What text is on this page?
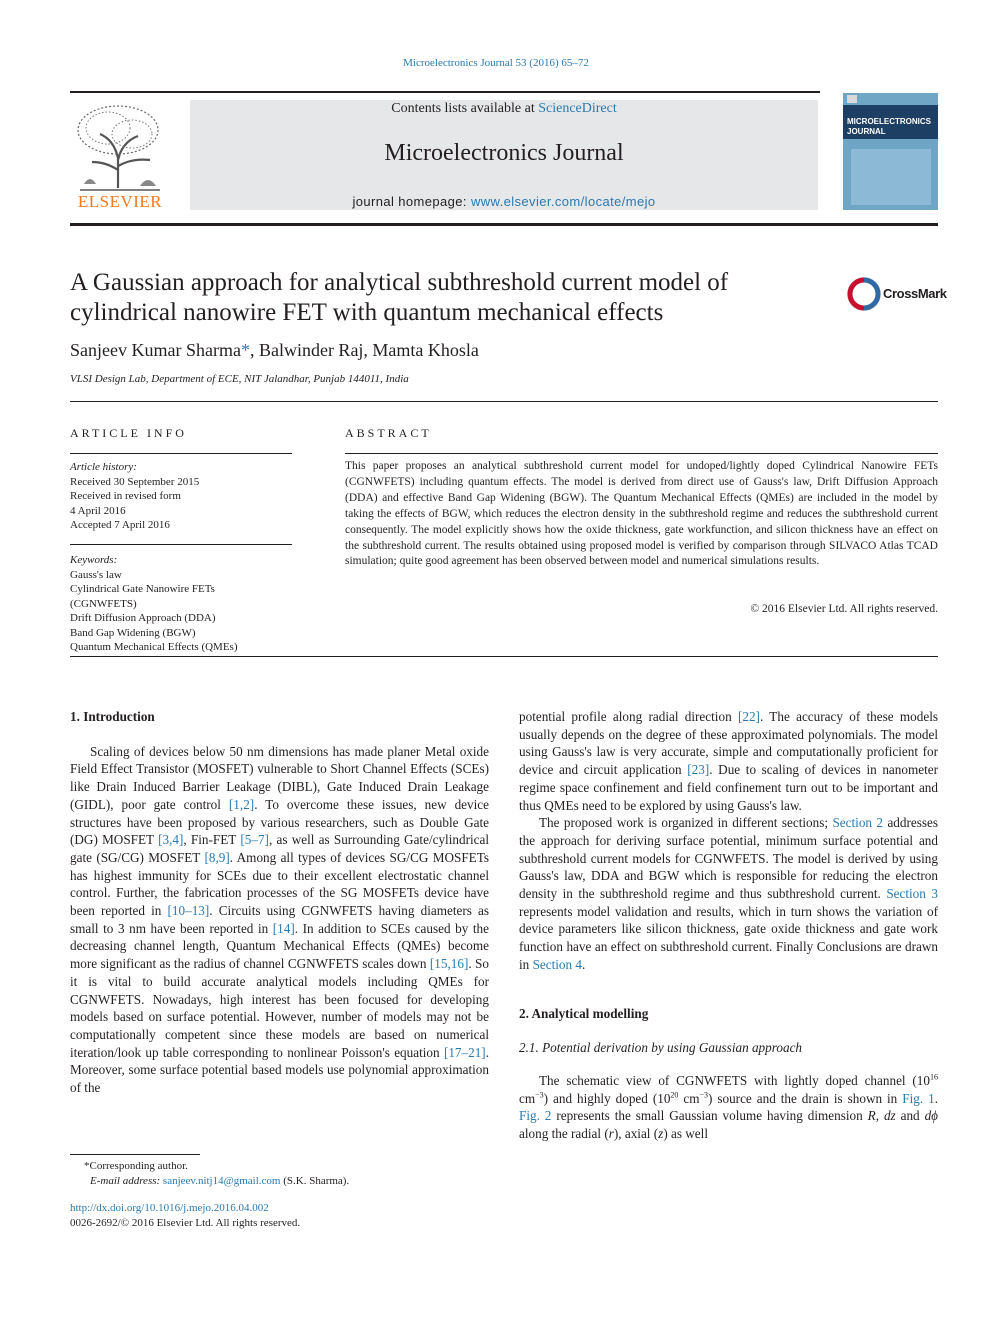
Microelectronics Journal 53 (2016) 65–72
ELSEVIER
Contents lists available at ScienceDirect
Microelectronics Journal
journal homepage: www.elsevier.com/locate/mejo
MICROELECTRONICS
JOURNAL
A Gaussian approach for analytical subthreshold current model of cylindrical nanowire FET with quantum mechanical effects
CrossMark
Sanjeev Kumar Sharma*, Balwinder Raj, Mamta Khosla
VLSI Design Lab, Department of ECE, NIT Jalandhar, Punjab 144011, India
ARTICLE INFO
Article history:
Received 30 September 2015
Received in revised form
4 April 2016
Accepted 7 April 2016
Keywords:
Gauss's law
Cylindrical Gate Nanowire FETs
(CGNWFETS)
Drift Diffusion Approach (DDA)
Band Gap Widening (BGW)
Quantum Mechanical Effects (QMEs)
ABSTRACT
This paper proposes an analytical subthreshold current model for undoped/lightly doped Cylindrical Nanowire FETs (CGNWFETS) including quantum effects. The model is derived from direct use of Gauss's law, Drift Diffusion Approach (DDA) and effective Band Gap Widening (BGW). The Quantum Mechanical Effects (QMEs) are included in the model by taking the effects of BGW, which reduces the electron density in the subthreshold regime and reduces the subthreshold current consequently. The model explicitly shows how the oxide thickness, gate workfunction, and silicon thickness have an effect on the subthreshold current. The results obtained using proposed model is verified by comparison through SILVACO Atlas TCAD simulation; quite good agreement has been observed between model and numerical simulations results.
© 2016 Elsevier Ltd. All rights reserved.

1. Introduction

Scaling of devices below 50 nm dimensions has made planer Metal oxide Field Effect Transistor (MOSFET) vulnerable to Short Channel Effects (SCEs) like Drain Induced Barrier Leakage (DIBL), Gate Induced Drain Leakage (GIDL), poor gate control [1,2]. To overcome these issues, new device structures have been proposed by various researchers, such as Double Gate (DG) MOSFET [3,4], Fin-FET [5–7], as well as Surrounding Gate/cylindrical gate (SG/CG) MOSFET [8,9]. Among all types of devices SG/CG MOSFETs has highest immunity for SCEs due to their excellent electrostatic channel control. Further, the fabrication processes of the SG MOSFETs device have been reported in [10–13]. Circuits using CGNWFETS having diameters as small to 3 nm have been reported in [14]. In addition to SCEs caused by the decreasing channel length, Quantum Mechanical Effects (QMEs) become more significant as the radius of channel CGNWFETS scales down [15,16]. So it is vital to build accurate analytical models including QMEs for CGNWFETS. Nowadays, high interest has been focused for developing models based on surface potential. However, number of models may not be computationally competent since these models are based on numerical iteration/look up table corresponding to nonlinear Poisson's equation [17–21]. Moreover, some surface potential based models use polynomial approximation of the

potential profile along radial direction [22]. The accuracy of these models usually depends on the degree of these approximated polynomials. The model using Gauss's law is very accurate, simple and computationally proficient for device and circuit application [23]. Due to scaling of devices in nanometer regime space confinement and field confinement turn out to be important and thus QMEs need to be explored by using Gauss's law.

The proposed work is organized in different sections; Section 2 addresses the approach for deriving surface potential, minimum surface potential and subthreshold current models for CGNWFETS. The model is derived by using Gauss's law, DDA and BGW which is responsible for reducing the electron density in the subthreshold regime and thus subthreshold current. Section 3 represents model validation and results, which in turn shows the variation of device parameters like silicon thickness, gate oxide thickness and gate work function have an effect on subthreshold current. Finally Conclusions are drawn in Section 4.

2. Analytical modelling

2.1. Potential derivation by using Gaussian approach

The schematic view of CGNWFETS with lightly doped channel ($10^{16}$ $cm^{-3}$) and highly doped ($10^{20}$ $cm^{-3}$) source and the drain is shown in Fig. 1. Fig. 2 represents the small Gaussian volume having dimension R, dz and dϕ along the radial (r), axial (z) as well

*Corresponding author.
E-mail address: sanjeev.nitj14@gmail.com (S.K. Sharma).
http://dx.doi.org/10.1016/j.mejo.2016.04.002
0026-2692/© 2016 Elsevier Ltd. All rights reserved.
